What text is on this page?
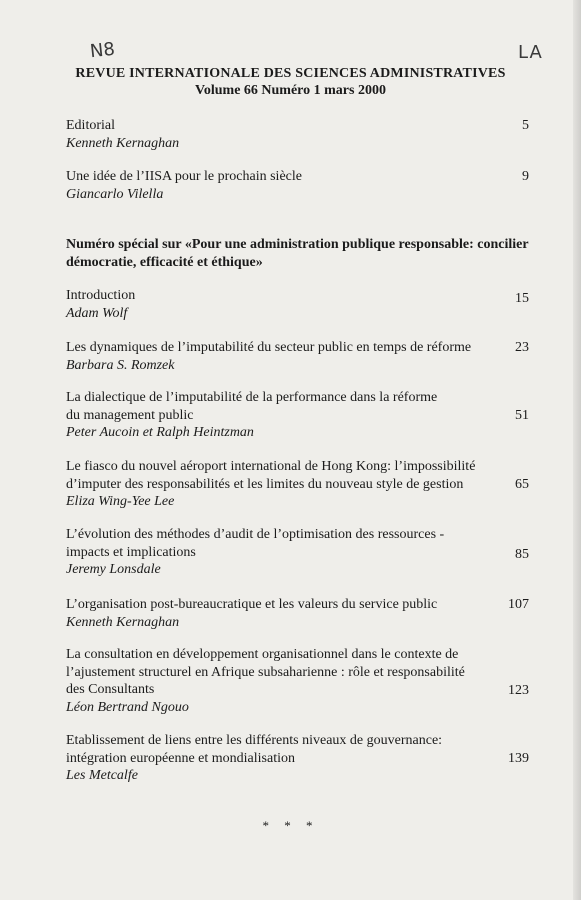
N8	LA
REVUE INTERNATIONALE DES SCIENCES ADMINISTRATIVES
Volume 66 Numéro 1 mars 2000
Editorial
Kenneth Kernaghan
5
Une idée de l’IISA pour le prochain siècle
Giancarlo Vilella
9
Numéro spécial sur «Pour une administration publique responsable: concilier démocratie, efficacité et éthique»
Introduction
Adam Wolf
15
Les dynamiques de l’imputabilité du secteur public en temps de réforme
Barbara S. Romzek
23
La dialectique de l’imputabilité de la performance dans la réforme
du management public
Peter Aucoin et Ralph Heintzman
51
Le fiasco du nouvel aéroport international de Hong Kong: l’impossibilité
d’imputer des responsabilités et les limites du nouveau style de gestion
Eliza Wing-Yee Lee
65
L’évolution des méthodes d’audit de l’optimisation des ressources -
impacts et implications
Jeremy Lonsdale
85
L’organisation post-bureaucratique et les valeurs du service public
Kenneth Kernaghan
107
La consultation en développement organisationnel dans le contexte de
l’ajustement structurel en Afrique subsaharienne : rôle et responsabilité
des Consultants
Léon Bertrand Ngouo
123
Etablissement de liens entre les différents niveaux de gouvernance:
intégration européenne et mondialisation
Les Metcalfe
139
* * *
